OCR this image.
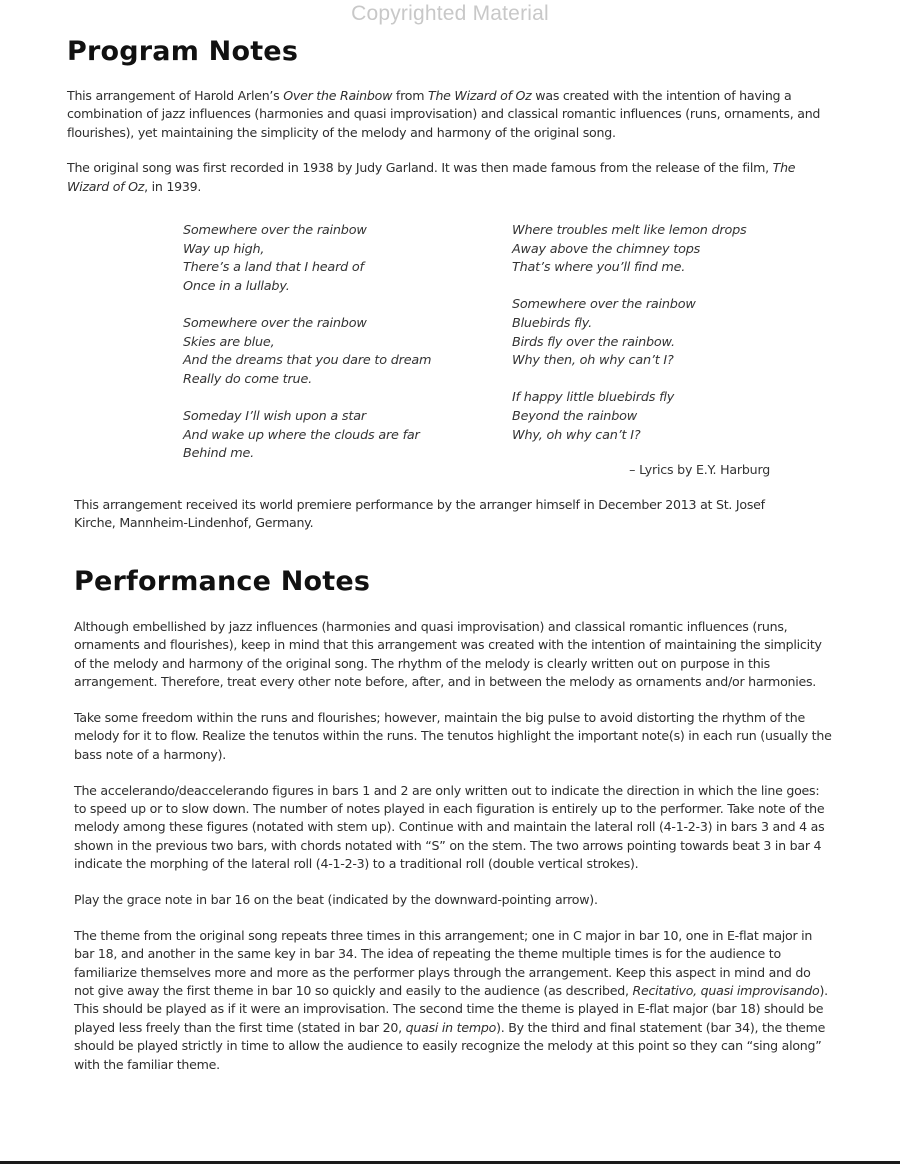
Copyrighted Material
Program Notes

This arrangement of Harold Arlen’s Over the Rainbow from The Wizard of Oz was created with the intention of having a combination of jazz influences (harmonies and quasi improvisation) and classical romantic influences (runs, ornaments, and flourishes), yet maintaining the simplicity of the melody and harmony of the original song.

The original song was first recorded in 1938 by Judy Garland. It was then made famous from the release of the film, The Wizard of Oz, in 1939.

Somewhere over the rainbow
Way up high,
There’s a land that I heard of
Once in a lullaby.
Somewhere over the rainbow
Skies are blue,
And the dreams that you dare to dream
Really do come true.
Someday I’ll wish upon a star
And wake up where the clouds are far
Behind me.
Where troubles melt like lemon drops
Away above the chimney tops
That’s where you’ll find me.
Somewhere over the rainbow
Bluebirds fly.
Birds fly over the rainbow.
Why then, oh why can’t I?
If happy little bluebirds fly
Beyond the rainbow
Why, oh why can’t I?
– Lyrics by E.Y. Harburg

This arrangement received its world premiere performance by the arranger himself in December 2013 at St. Josef Kirche, Mannheim-Lindenhof, Germany.

Performance Notes

Although embellished by jazz influences (harmonies and quasi improvisation) and classical romantic influences (runs, ornaments and flourishes), keep in mind that this arrangement was created with the intention of maintaining the simplicity of the melody and harmony of the original song. The rhythm of the melody is clearly written out on purpose in this arrangement. Therefore, treat every other note before, after, and in between the melody as ornaments and/or harmonies.

Take some freedom within the runs and flourishes; however, maintain the big pulse to avoid distorting the rhythm of the melody for it to flow. Realize the tenutos within the runs. The tenutos highlight the important note(s) in each run (usually the bass note of a harmony).

The accelerando/deaccelerando figures in bars 1 and 2 are only written out to indicate the direction in which the line goes: to speed up or to slow down. The number of notes played in each figuration is entirely up to the performer. Take note of the melody among these figures (notated with stem up). Continue with and maintain the lateral roll (4-1-2-3) in bars 3 and 4 as shown in the previous two bars, with chords notated with “S” on the stem. The two arrows pointing towards beat 3 in bar 4 indicate the morphing of the lateral roll (4-1-2-3) to a traditional roll (double vertical strokes).

Play the grace note in bar 16 on the beat (indicated by the downward-pointing arrow).

The theme from the original song repeats three times in this arrangement; one in C major in bar 10, one in E-flat major in bar 18, and another in the same key in bar 34. The idea of repeating the theme multiple times is for the audience to familiarize themselves more and more as the performer plays through the arrangement. Keep this aspect in mind and do not give away the first theme in bar 10 so quickly and easily to the audience (as described, Recitativo, quasi improvisando). This should be played as if it were an improvisation. The second time the theme is played in E-flat major (bar 18) should be played less freely than the first time (stated in bar 20, quasi in tempo). By the third and final statement (bar 34), the theme should be played strictly in time to allow the audience to easily recognize the melody at this point so they can “sing along” with the familiar theme.
